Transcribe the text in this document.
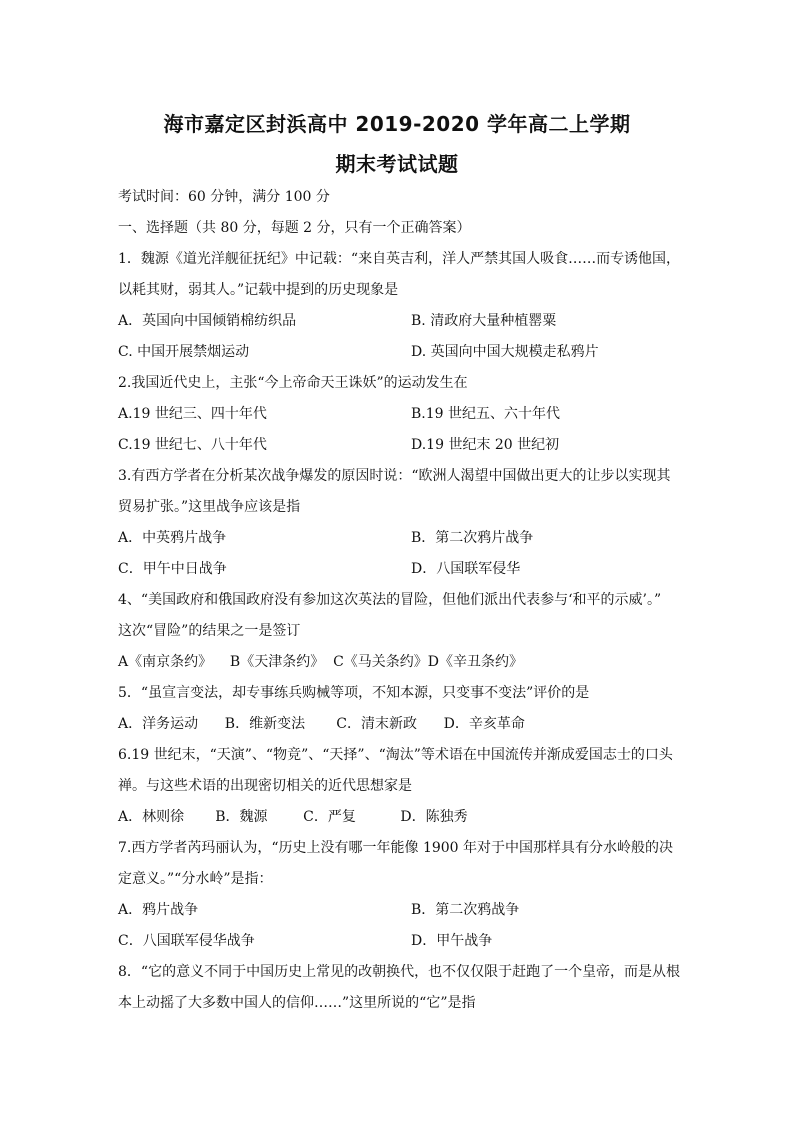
海市嘉定区封浜高中 2019-2020 学年高二上学期
期末考试试题
考试时间：60 分钟，满分 100 分
一、选择题（共 80 分，每题 2 分，只有一个正确答案）
1．魏源《道光洋舰征抚纪》中记载：“来自英吉利，洋人严禁其国人吸食……而专诱他国，
以耗其财，弱其人。”记载中提到的历史现象是
A．英国向中国倾销棉纺织品	B. 清政府大量种植罂粟
C. 中国开展禁烟运动	D. 英国向中国大规模走私鸦片
2.我国近代史上，主张“今上帝命天王诛妖”的运动发生在
A.19 世纪三、四十年代	B.19 世纪五、六十年代
C.19 世纪七、八十年代	D.19 世纪末 20 世纪初
3.有西方学者在分析某次战争爆发的原因时说：“欧洲人渴望中国做出更大的让步以实现其
贸易扩张。”这里战争应该是指
A．中英鸦片战争	B．第二次鸦片战争
C．甲午中日战争	D．八国联军侵华
4、“美国政府和俄国政府没有参加这次英法的冒险，但他们派出代表参与‘和平的示威’。”
这次“冒险”的结果之一是签订
A《南京条约》    B《天津条约》  C《马关条约》D《辛丑条约》
5．“虽宣言变法，却专事练兵购械等项，不知本源，只变事不变法”评价的是
A．洋务运动      B．维新变法       C．清末新政      D．辛亥革命
6.19 世纪末，“天演”、“物竞”、“天择”、“淘汰”等术语在中国流传并渐成爱国志士的口头
禅。与这些术语的出现密切相关的近代思想家是
A．林则徐       B．魏源        C．严复          D．陈独秀
7.西方学者芮玛丽认为，“历史上没有哪一年能像 1900 年对于中国那样具有分水岭般的决
定意义。”“分水岭”是指：
A．鸦片战争	B．第二次鸦战争
C．八国联军侵华战争	D．甲午战争
8．“它的意义不同于中国历史上常见的改朝换代，也不仅仅限于赶跑了一个皇帝，而是从根
本上动摇了大多数中国人的信仰……”这里所说的“它”是指
